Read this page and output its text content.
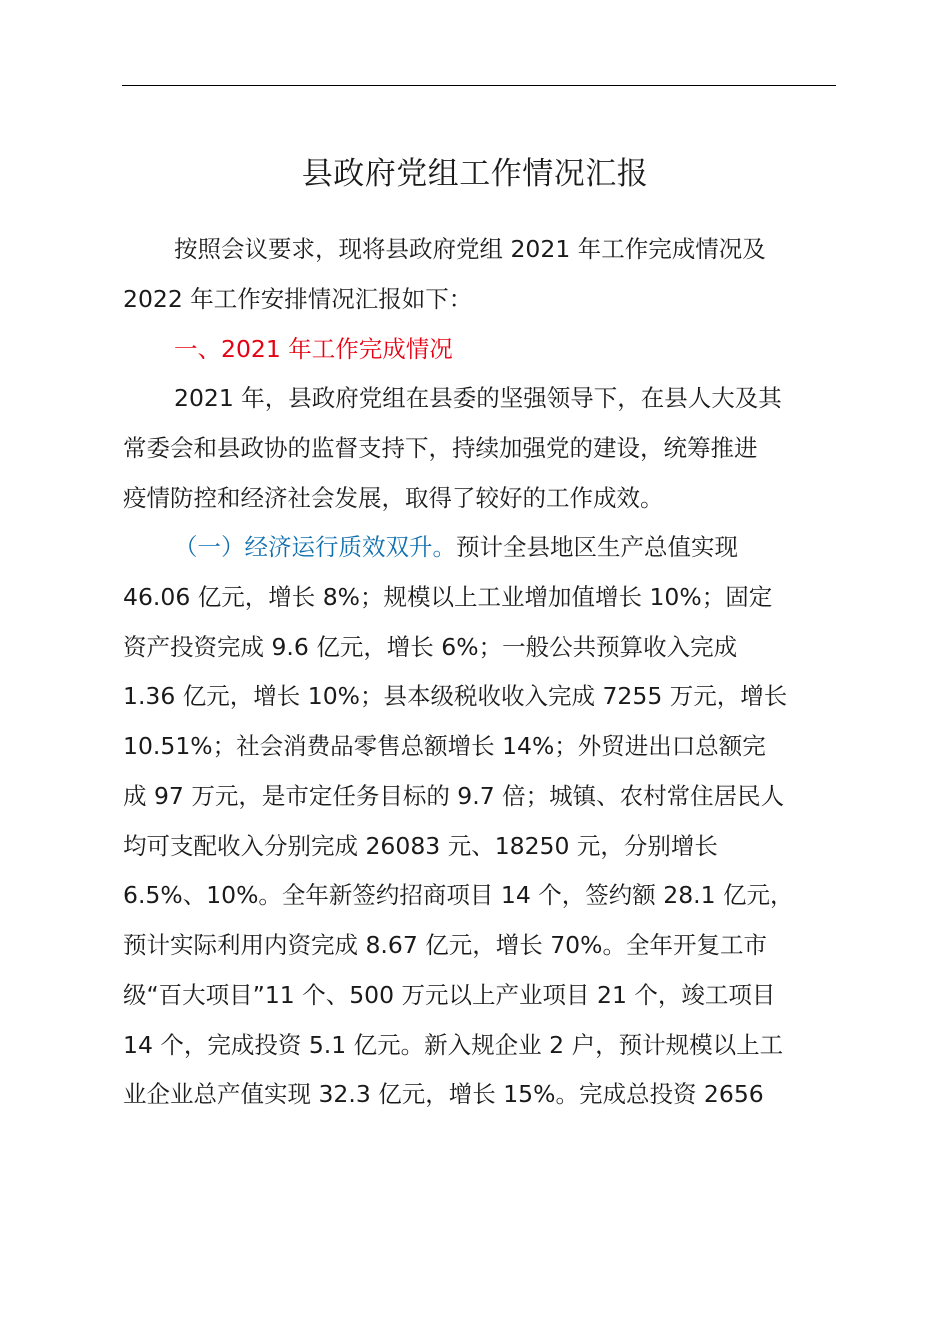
县政府党组工作情况汇报
按照会议要求，现将县政府党组 2021 年工作完成情况及
2022 年工作安排情况汇报如下：
一、2021 年工作完成情况
2021 年，县政府党组在县委的坚强领导下，在县人大及其
常委会和县政协的监督支持下，持续加强党的建设，统筹推进
疫情防控和经济社会发展，取得了较好的工作成效。
（一）经济运行质效双升。预计全县地区生产总值实现
46.06 亿元，增长 8%；规模以上工业增加值增长 10%；固定
资产投资完成 9.6 亿元，增长 6%；一般公共预算收入完成
1.36 亿元，增长 10%；县本级税收收入完成 7255 万元，增长
10.51%；社会消费品零售总额增长 14%；外贸进出口总额完
成 97 万元，是市定任务目标的 9.7 倍；城镇、农村常住居民人
均可支配收入分别完成 26083 元、18250 元，分别增长
6.5%、10%。全年新签约招商项目 14 个，签约额 28.1 亿元，
预计实际利用内资完成 8.67 亿元，增长 70%。全年开复工市
级“百大项目”11 个、500 万元以上产业项目 21 个，竣工项目
14 个，完成投资 5.1 亿元。新入规企业 2 户，预计规模以上工
业企业总产值实现 32.3 亿元，增长 15%。完成总投资 2656
